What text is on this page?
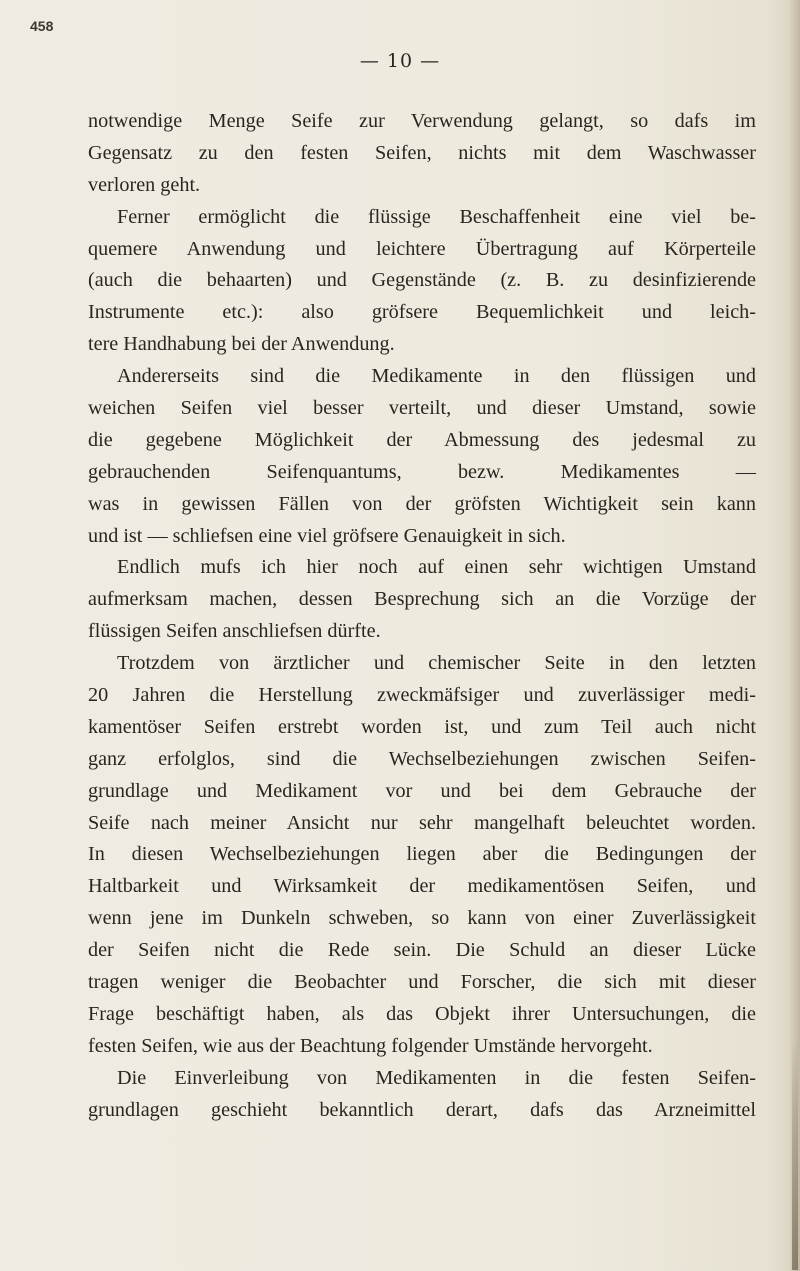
458
— 10 —
notwendige Menge Seife zur Verwendung gelangt, so dafs im
Gegensatz zu den festen Seifen, nichts mit dem Waschwasser
verloren geht.
Ferner ermöglicht die flüssige Beschaffenheit eine viel be-
quemere Anwendung und leichtere Übertragung auf Körperteile
(auch die behaarten) und Gegenstände (z. B. zu desinfizierende
Instrumente etc.): also gröfsere Bequemlichkeit und leich-
tere Handhabung bei der Anwendung.
Andererseits sind die Medikamente in den flüssigen und
weichen Seifen viel besser verteilt, und dieser Umstand, sowie
die gegebene Möglichkeit der Abmessung des jedesmal zu
gebrauchenden Seifenquantums, bezw. Medikamentes —
was in gewissen Fällen von der gröfsten Wichtigkeit sein kann
und ist — schliefsen eine viel gröfsere Genauigkeit in sich.
Endlich mufs ich hier noch auf einen sehr wichtigen Umstand
aufmerksam machen, dessen Besprechung sich an die Vorzüge der
flüssigen Seifen anschliefsen dürfte.
Trotzdem von ärztlicher und chemischer Seite in den letzten
20 Jahren die Herstellung zweckmäfsiger und zuverlässiger medi-
kamentöser Seifen erstrebt worden ist, und zum Teil auch nicht
ganz erfolglos, sind die Wechselbeziehungen zwischen Seifen-
grundlage und Medikament vor und bei dem Gebrauche der
Seife nach meiner Ansicht nur sehr mangelhaft beleuchtet worden.
In diesen Wechselbeziehungen liegen aber die Bedingungen der
Haltbarkeit und Wirksamkeit der medikamentösen Seifen, und
wenn jene im Dunkeln schweben, so kann von einer Zuverlässigkeit
der Seifen nicht die Rede sein. Die Schuld an dieser Lücke
tragen weniger die Beobachter und Forscher, die sich mit dieser
Frage beschäftigt haben, als das Objekt ihrer Untersuchungen, die
festen Seifen, wie aus der Beachtung folgender Umstände hervorgeht.
Die Einverleibung von Medikamenten in die festen Seifen-
grundlagen geschieht bekanntlich derart, dafs das Arzneimittel
